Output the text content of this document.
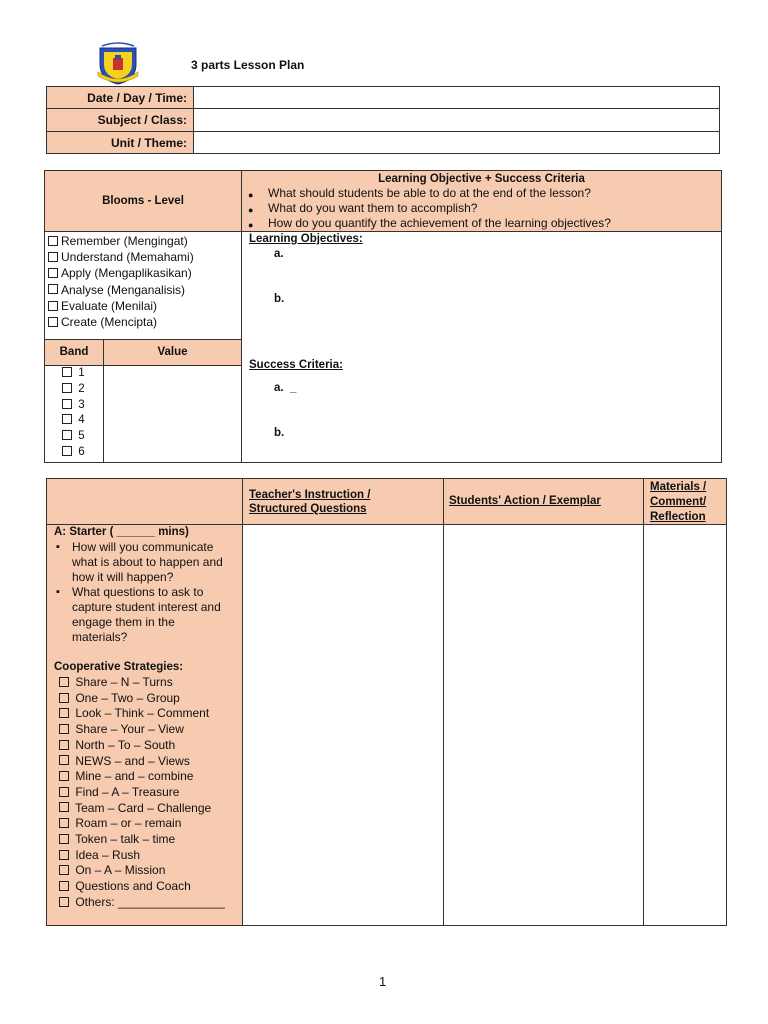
3 parts Lesson Plan
Date / Day / Time:	
Subject / Class:	
Unit / Theme:	
Blooms - Level
Learning Objective + Success Criteria
● What should students be able to do at the end of the lesson?
● What do you want them to accomplish?
● How do you quantify the achievement of the learning objectives?
Remember (Mengingat)
Understand (Memahami)
Apply (Mengaplikasikan)
Analyse (Menganalisis)
Evaluate (Menilai)
Create (Mencipta)
Band	Value
1
2
3
4
5
6
Learning Objectives:
a.
b.
Success Criteria:
a. _
b.
Teacher's Instruction / Structured Questions
Students' Action / Exemplar
Materials / Comment/ Reflection
A: Starter ( ______ mins)
▪ How will you communicate what is about to happen and how it will happen?
▪ What questions to ask to capture student interest and engage them in the materials?
Cooperative Strategies:
Share – N – Turns
One – Two – Group
Look – Think – Comment
Share – Your – View
North – To – South
NEWS – and – Views
Mine – and – combine
Find – A – Treasure
Team – Card – Challenge
Roam – or – remain
Token – talk – time
Idea – Rush
On – A – Mission
Questions and Coach
Others: ________________
1
